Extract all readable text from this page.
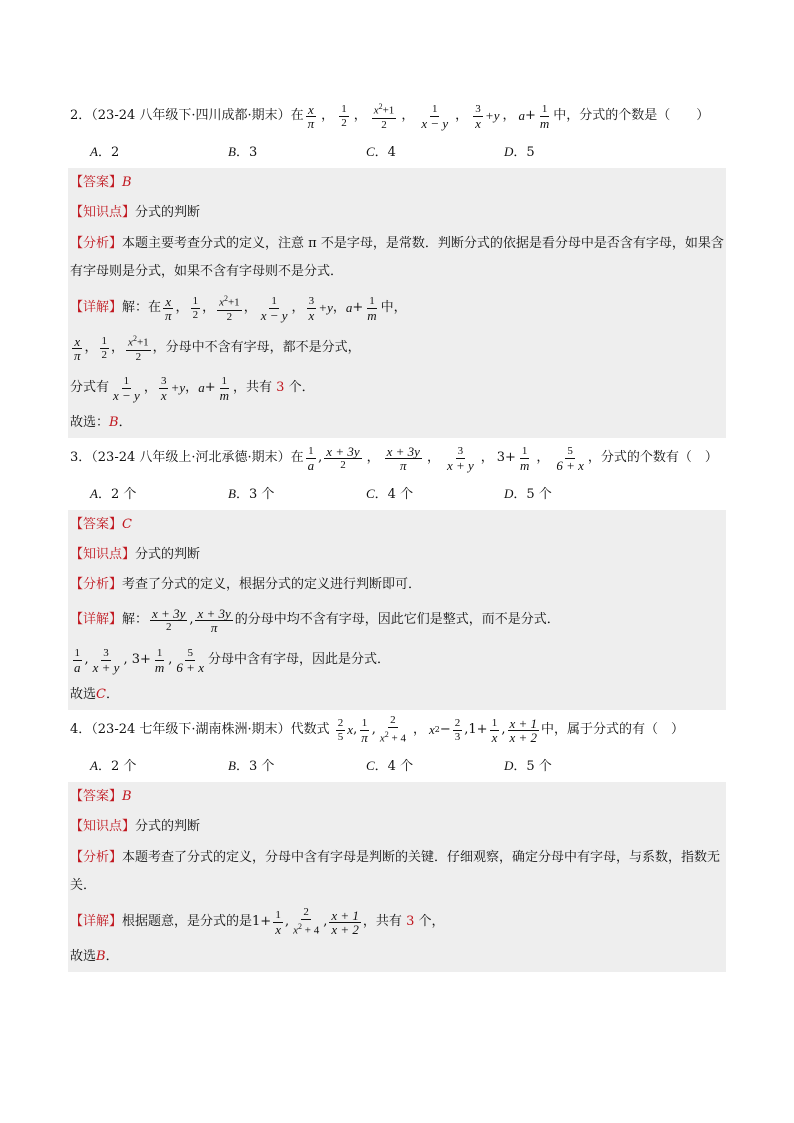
2．（23-24 八年级下·四川成都·期末）在 $\frac{x}{\pi}$ ， $\frac{1}{2}$ ， $\frac{x^2+1}{2}$ ， $\frac{1}{x - y}$ ， $\frac{3}{x} +y$ ， $a + \frac{1}{m}$ 中，分式的个数是（　　）
A．2	B．3	C．4	D．5
【答案】 B
【知识点】 分式的判断
【分析】本题主要考查分式的定义，注意 π 不是字母，是常数．判断分式的依据是看分母中是否含有字母，如果含有字母则是分式，如果不含有字母则不是分式．
【详解】 解：在 $\frac{x}{\pi}$ ， $\frac{1}{2}$ ， $\frac{x^2+1}{2}$ ， $\frac{1}{x - y}$ ， $\frac{3}{x} +y$ ， $a + \frac{1}{m}$ 中，
$\frac{x}{\pi}$ ， $\frac{1}{2}$ ， $\frac{x^2+1}{2}$ ，分母中不含有字母，都不是分式，
分式有 $\frac{1}{x - y}$ ， $\frac{3}{x} +y$ ， $a + \frac{1}{m}$ ，共有
3
个．
故选： B ．
3．（23-24 八年级上·河北承德·期末）在 $\frac{1}{a}$ , $\frac{x + 3y}{2}$ ， $\frac{x + 3y}{\pi}$ ， $\frac{3}{x + y}$ ， $3+ \frac{1}{m}$ ， $\frac{5}{6 + x}$ ，分式的个数有（　）
A．2 个	B．3 个	C．4 个	D．5 个
【答案】 C
【知识点】 分式的判断
【分析】 考查了分式的定义，根据分式的定义进行判断即可．
【详解】 解： $\frac{x + 3y}{2}$ , $\frac{x + 3y}{\pi}$ 的分母中均不含有字母，因此它们是整式，而不是分式．
$\frac{1}{a}$ , $\frac{3}{x + y}$ , $3+ \frac{1}{m}$ , $\frac{5}{6 + x}$ 分母中含有字母，因此是分式．
故选 C ．
4．（23-24 七年级下·湖南株洲·期末）代数式
$\frac{2}{5}$ x , $\frac{1}{\pi}$ , $\frac{2}{x^2 + 4}$ ， x $2 - \frac{2}{3} ,1+ \frac{1}{x}$ , $\frac{x + 1}{x + 2}$ 中，属于分式的有（　）
A．2 个	B．3 个	C．4 个	D．5 个
【答案】 B
【知识点】 分式的判断
【分析】本题考查了分式的定义，分母中含有字母是判断的关键．仔细观察，确定分母中有字母，与系数，指数无关．
【详解】 根据题意，是分式的是 $1+ \frac{1}{x}$ , $\frac{2}{x^2 + 4}$ , $\frac{x + 1}{x + 2}$ ，共有
3
个，
故选 B ．
